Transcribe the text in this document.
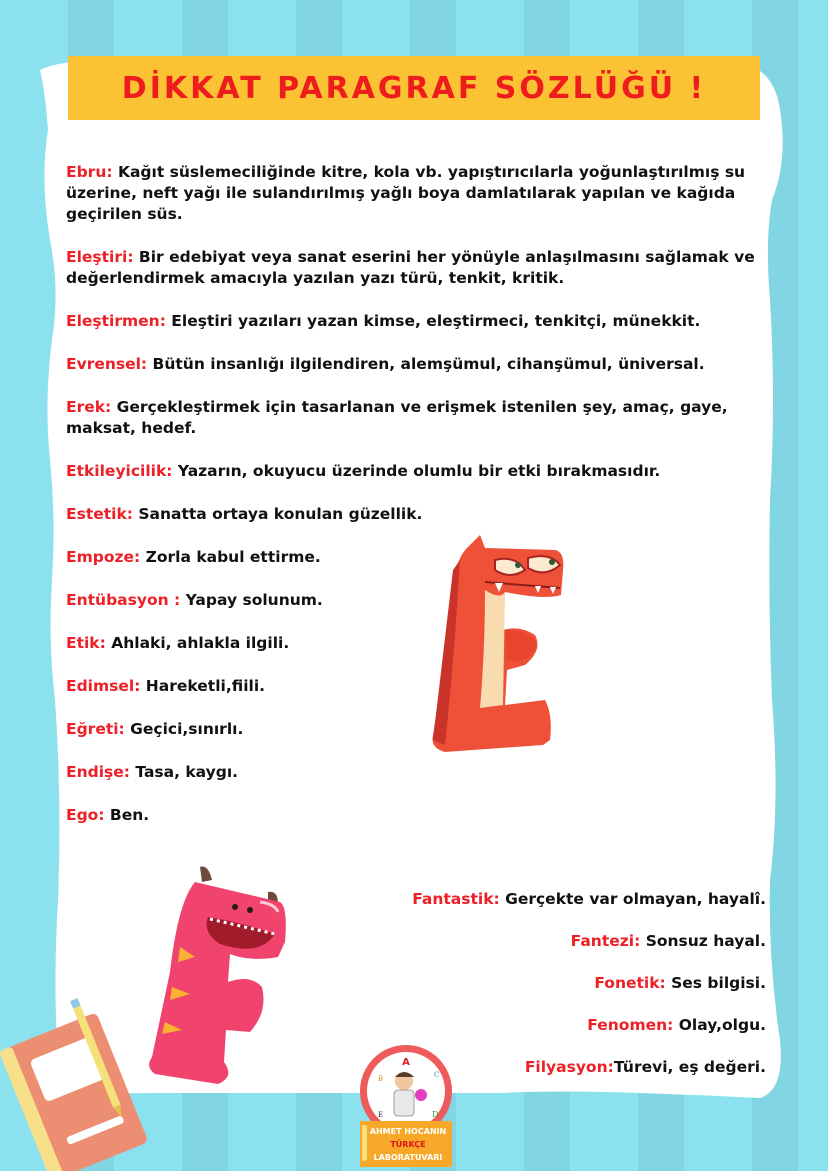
DİKKAT PARAGRAF SÖZLÜĞÜ !
Ebru: Kağıt süslemeciliğinde kitre, kola vb. yapıştırıcılarla yoğunlaştırılmış su üzerine, neft yağı ile sulandırılmış yağlı boya damlatılarak yapılan ve kağıda geçirilen süs.
Eleştiri: Bir edebiyat veya sanat eserini her yönüyle anlaşılmasını sağlamak ve değerlendirmek amacıyla yazılan yazı türü, tenkit, kritik.
Eleştirmen: Eleştiri yazıları yazan kimse, eleştirmeci, tenkitçi, münekkit.
Evrensel: Bütün insanlığı ilgilendiren, alemşümul, cihanşümul, üniversal.
Erek: Gerçekleştirmek için tasarlanan ve erişmek istenilen şey, amaç, gaye, maksat, hedef.
Etkileyicilik: Yazarın, okuyucu üzerinde olumlu bir etki bırakmasıdır.
Estetik: Sanatta ortaya konulan güzellik.
Empoze: Zorla kabul ettirme.
Entübasyon : Yapay solunum.
Etik: Ahlaki, ahlakla ilgili.
Edimsel: Hareketli,fiili.
Eğreti: Geçici,sınırlı.
Endişe: Tasa, kaygı.
Ego: Ben.
Fantastik: Gerçekte var olmayan, hayalî.
Fantezi: Sonsuz hayal.
Fonetik: Ses bilgisi.
Fenomen: Olay,olgu.
Filyasyon:Türevi, eş değeri.
A
B	C
D
E
AHMET HOCANIN
TÜRKÇE
LABORATUVARI
